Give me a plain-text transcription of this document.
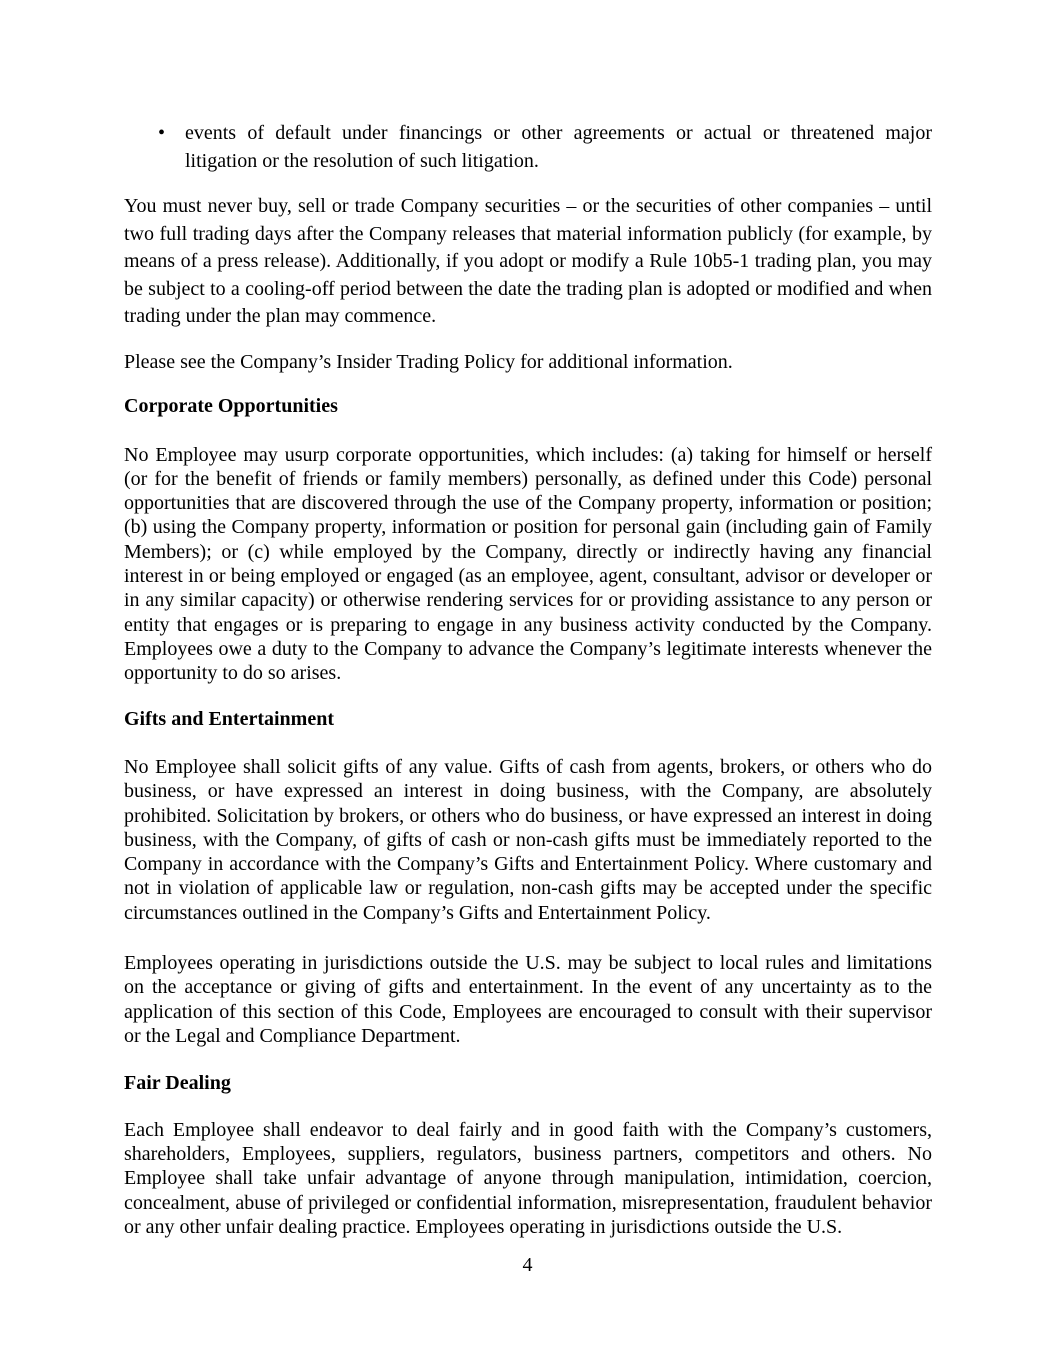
• events of default under financings or other agreements or actual or threatened major litigation or the resolution of such litigation.

You must never buy, sell or trade Company securities – or the securities of other companies – until two full trading days after the Company releases that material information publicly (for example, by means of a press release). Additionally, if you adopt or modify a Rule 10b5-1 trading plan, you may be subject to a cooling-off period between the date the trading plan is adopted or modified and when trading under the plan may commence.

Please see the Company’s Insider Trading Policy for additional information.

Corporate Opportunities

No Employee may usurp corporate opportunities, which includes: (a) taking for himself or herself (or for the benefit of friends or family members) personally, as defined under this Code) personal opportunities that are discovered through the use of the Company property, information or position; (b) using the Company property, information or position for personal gain (including gain of Family Members); or (c) while employed by the Company, directly or indirectly having any financial interest in or being employed or engaged (as an employee, agent, consultant, advisor or developer or in any similar capacity) or otherwise rendering services for or providing assistance to any person or entity that engages or is preparing to engage in any business activity conducted by the Company. Employees owe a duty to the Company to advance the Company’s legitimate interests whenever the opportunity to do so arises.

Gifts and Entertainment

No Employee shall solicit gifts of any value. Gifts of cash from agents, brokers, or others who do business, or have expressed an interest in doing business, with the Company, are absolutely prohibited. Solicitation by brokers, or others who do business, or have expressed an interest in doing business, with the Company, of gifts of cash or non-cash gifts must be immediately reported to the Company in accordance with the Company’s Gifts and Entertainment Policy. Where customary and not in violation of applicable law or regulation, non-cash gifts may be accepted under the specific circumstances outlined in the Company’s Gifts and Entertainment Policy.

Employees operating in jurisdictions outside the U.S. may be subject to local rules and limitations on the acceptance or giving of gifts and entertainment. In the event of any uncertainty as to the application of this section of this Code, Employees are encouraged to consult with their supervisor or the Legal and Compliance Department.

Fair Dealing

Each Employee shall endeavor to deal fairly and in good faith with the Company’s customers, shareholders, Employees, suppliers, regulators, business partners, competitors and others. No Employee shall take unfair advantage of anyone through manipulation, intimidation, coercion, concealment, abuse of privileged or confidential information, misrepresentation, fraudulent behavior or any other unfair dealing practice. Employees operating in jurisdictions outside the U.S.

4
